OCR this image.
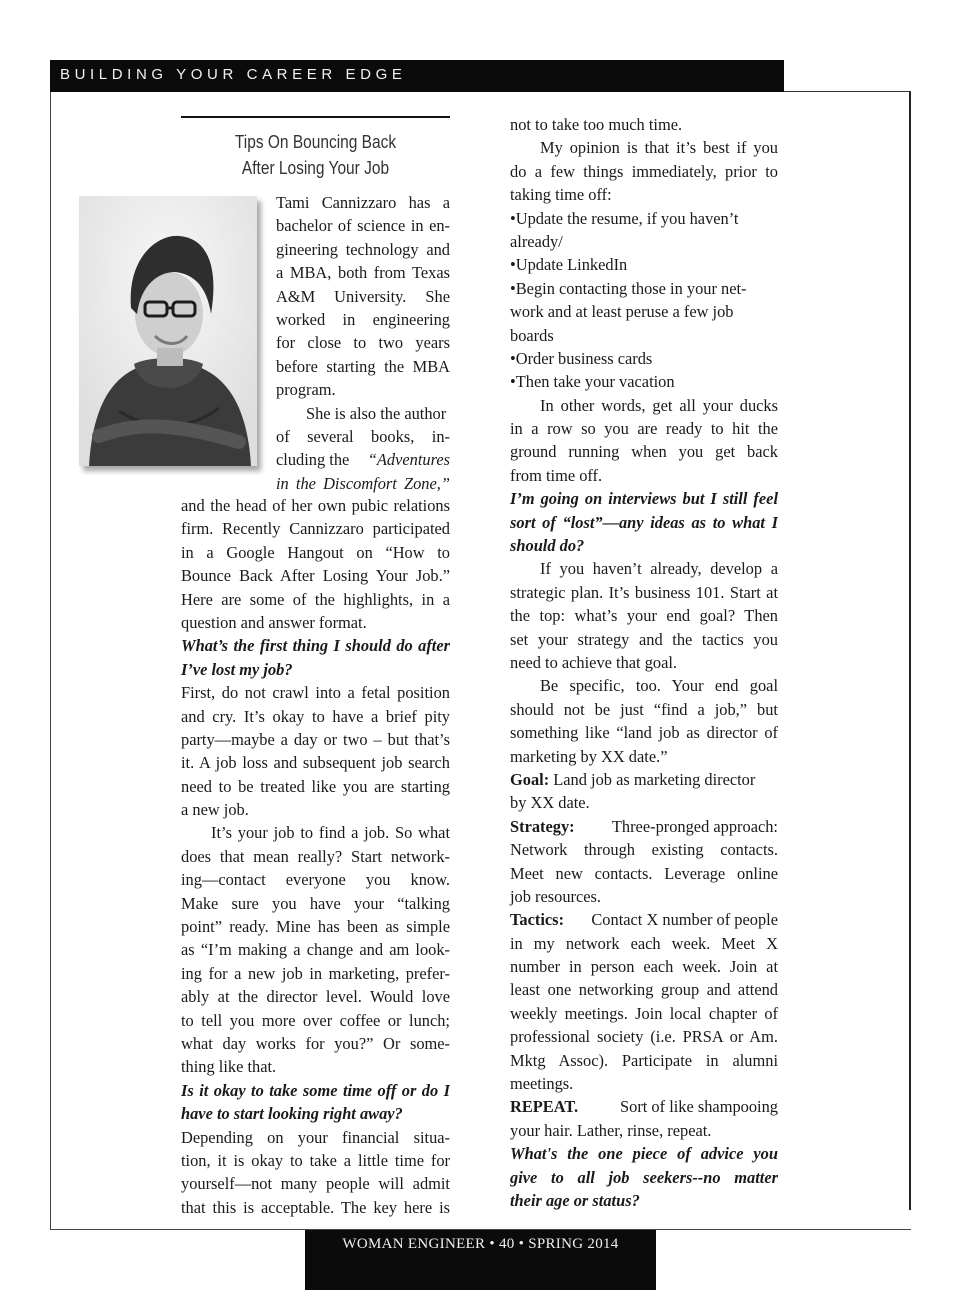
BUILDING YOUR CAREER EDGE
Tips On Bouncing Back
After Losing Your Job
Tami Cannizzaro has a
bachelor of science in en-
gineering technology and
a MBA, both from Texas
A&M University. She
worked in engineering
for close to two years
before starting the MBA
program.
She is also the author
of several books, in-
cluding the “Adventures
in the Discomfort Zone,”
and the head of her own pubic relations
firm. Recently Cannizzaro participated
in a Google Hangout on “How to
Bounce Back After Losing Your Job.”
Here are some of the highlights, in a
question and answer format.
What’s the first thing I should do after
I’ve lost my job?
First, do not crawl into a fetal position
and cry. It’s okay to have a brief pity
party—maybe a day or two – but that’s
it. A job loss and subsequent job search
need to be treated like you are starting
a new job.
It’s your job to find a job. So what
does that mean really? Start network-
ing—contact everyone you know.
Make sure you have your “talking
point” ready. Mine has been as simple
as “I’m making a change and am look-
ing for a new job in marketing, prefer-
ably at the director level. Would love
to tell you more over coffee or lunch;
what day works for you?” Or some-
thing like that.
Is it okay to take some time off or do I
have to start looking right away?
Depending on your financial situa-
tion, it is okay to take a little time for
yourself—not many people will admit
that this is acceptable. The key here is
not to take too much time.
My opinion is that it’s best if you
do a few things immediately, prior to
taking time off:
•Update the resume, if you haven’t
already/
•Update LinkedIn
•Begin contacting those in your net-
work and at least peruse a few job
boards
•Order business cards
•Then take your vacation
In other words, get all your ducks
in a row so you are ready to hit the
ground running when you get back
from time off.
I’m going on interviews but I still feel
sort of “lost”—any ideas as to what I
should do?
If you haven’t already, develop a
strategic plan. It’s business 101. Start at
the top: what’s your end goal? Then
set your strategy and the tactics you
need to achieve that goal.
Be specific, too. Your end goal
should not be just “find a job,” but
something like “land job as director of
marketing by XX date.”
Goal: Land job as marketing director
by XX date.
Strategy: Three-pronged approach:
Network through existing contacts.
Meet new contacts. Leverage online
job resources.
Tactics: Contact X number of people
in my network each week. Meet X
number in person each week. Join at
least one networking group and attend
weekly meetings. Join local chapter of
professional society (i.e. PRSA or Am.
Mktg Assoc). Participate in alumni
meetings.
REPEAT.	Sort of like shampooing
your hair. Lather, rinse, repeat.
What's the one piece of advice you
give to all job seekers--no matter
their age or status?
WOMAN ENGINEER • 40 • SPRING 2014
